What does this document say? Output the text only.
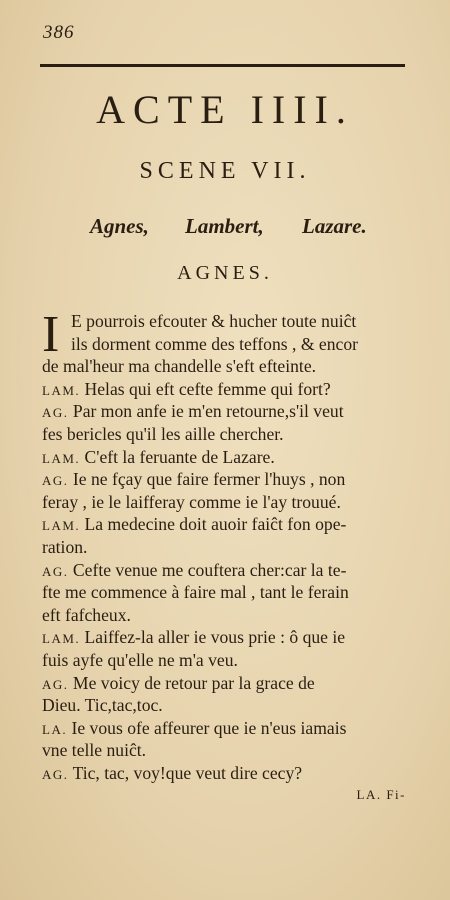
386
ACTE IIII.
SCENE VII.
Agnes, Lambert, Lazare.
AGNES.
I E pourrois efcouter & hucher toute nuiĉt
ils dorment comme des teffons , & encor
de mal'heur ma chandelle s'eft efteinte.
LAM. Helas qui eft cefte femme qui fort?
AG. Par mon anfe ie m'en retourne,s'il veut
fes bericles qu'il les aille chercher.
LAM. C'eft la feruante de Lazare.
AG. Ie ne fçay que faire fermer l'huys , non
feray , ie le laifferay comme ie l'ay trouué.
LAM. La medecine doit auoir faiĉt fon ope-
ration.
AG. Cefte venue me couftera cher:car la te-
fte me commence à faire mal , tant le ferain
eft fafcheux.
LAM. Laiffez-la aller ie vous prie : ô que ie
fuis ayfe qu'elle ne m'a veu.
AG. Me voicy de retour par la grace de
Dieu. Tic,tac,toc.
LA. Ie vous ofe affeurer que ie n'eus iamais
vne telle nuiĉt.
AG. Tic, tac, voy!que veut dire cecy?
LA. Fi-
